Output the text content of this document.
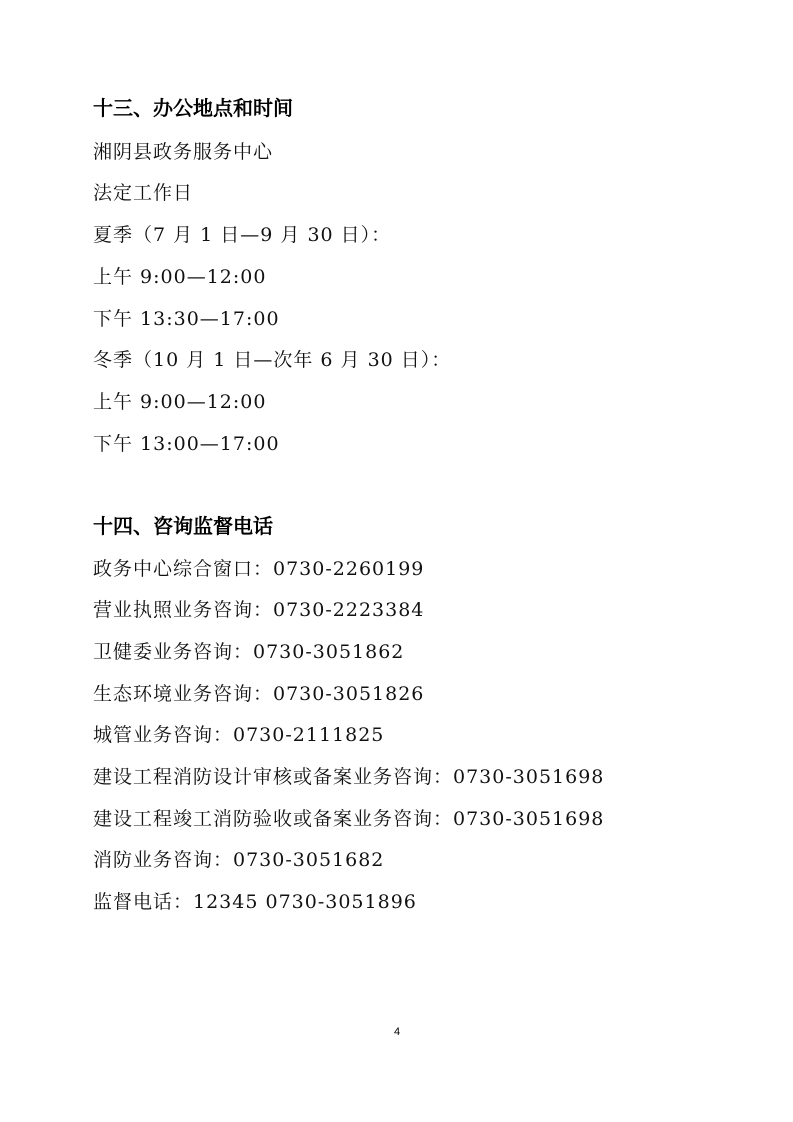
十三、办公地点和时间
湘阴县政务服务中心
法定工作日
夏季（7 月 1 日—9 月 30 日）：
上午 9:00—12:00
下午 13:30—17:00
冬季（10 月 1 日—次年 6 月 30 日）：
上午 9:00—12:00
下午 13:00—17:00
十四、咨询监督电话
政务中心综合窗口：0730-2260199
营业执照业务咨询：0730-2223384
卫健委业务咨询：0730-3051862
生态环境业务咨询：0730-3051826
城管业务咨询：0730-2111825
建设工程消防设计审核或备案业务咨询：0730-3051698
建设工程竣工消防验收或备案业务咨询：0730-3051698
消防业务咨询：0730-3051682
监督电话：12345 0730-3051896
4
